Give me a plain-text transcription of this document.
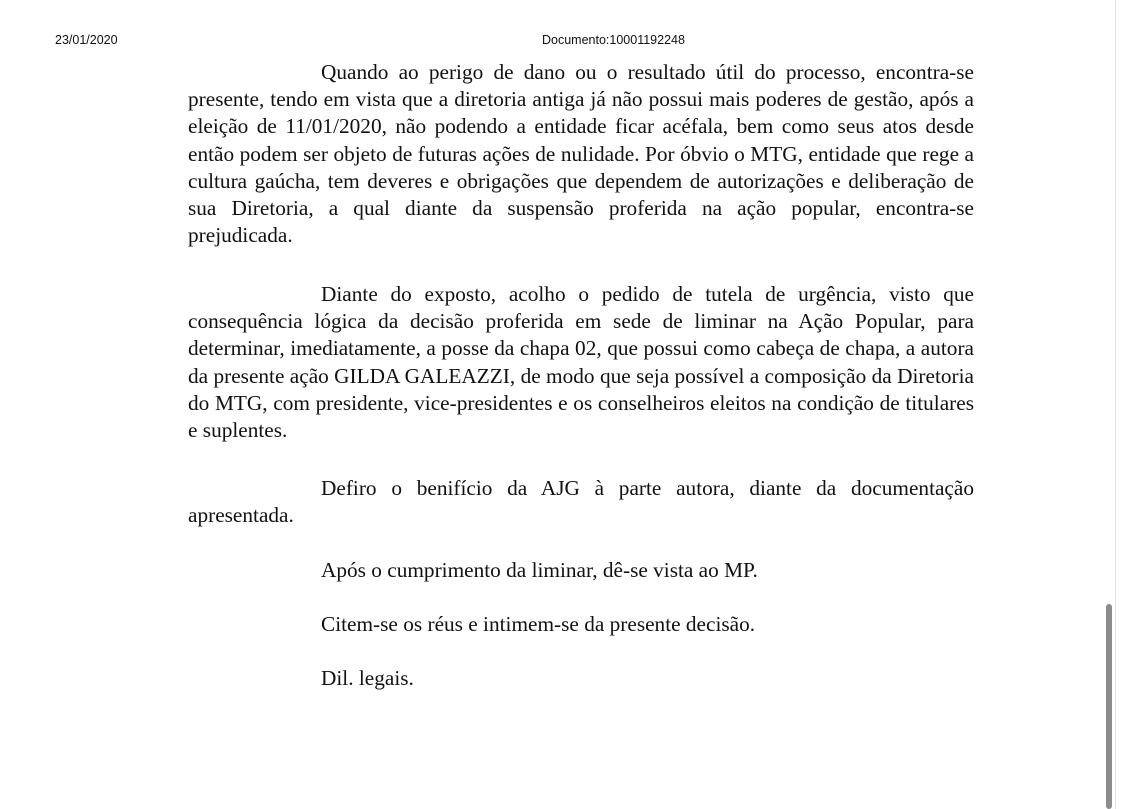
23/01/2020	Documento:10001192248

Quando ao perigo de dano ou o resultado útil do processo, encontra-se presente, tendo em vista que a diretoria antiga já não possui mais poderes de gestão, após a eleição de 11/01/2020, não podendo a entidade ficar acéfala, bem como seus atos desde então podem ser objeto de futuras ações de nulidade. Por óbvio o MTG, entidade que rege a cultura gaúcha, tem deveres e obrigações que dependem de autorizações e deliberação de sua Diretoria, a qual diante da suspensão proferida na ação popular, encontra-se prejudicada.

Diante do exposto, acolho o pedido de tutela de urgência, visto que consequência lógica da decisão proferida em sede de liminar na Ação Popular, para determinar, imediatamente, a posse da chapa 02, que possui como cabeça de chapa, a autora da presente ação GILDA GALEAZZI, de modo que seja possível a composição da Diretoria do MTG, com presidente, vice-presidentes e os conselheiros eleitos na condição de titulares e suplentes.

Defiro o benifício da AJG à parte autora, diante da documentação apresentada.

Após o cumprimento da liminar, dê-se vista ao MP.

Citem-se os réus e intimem-se da presente decisão.

Dil. legais.
